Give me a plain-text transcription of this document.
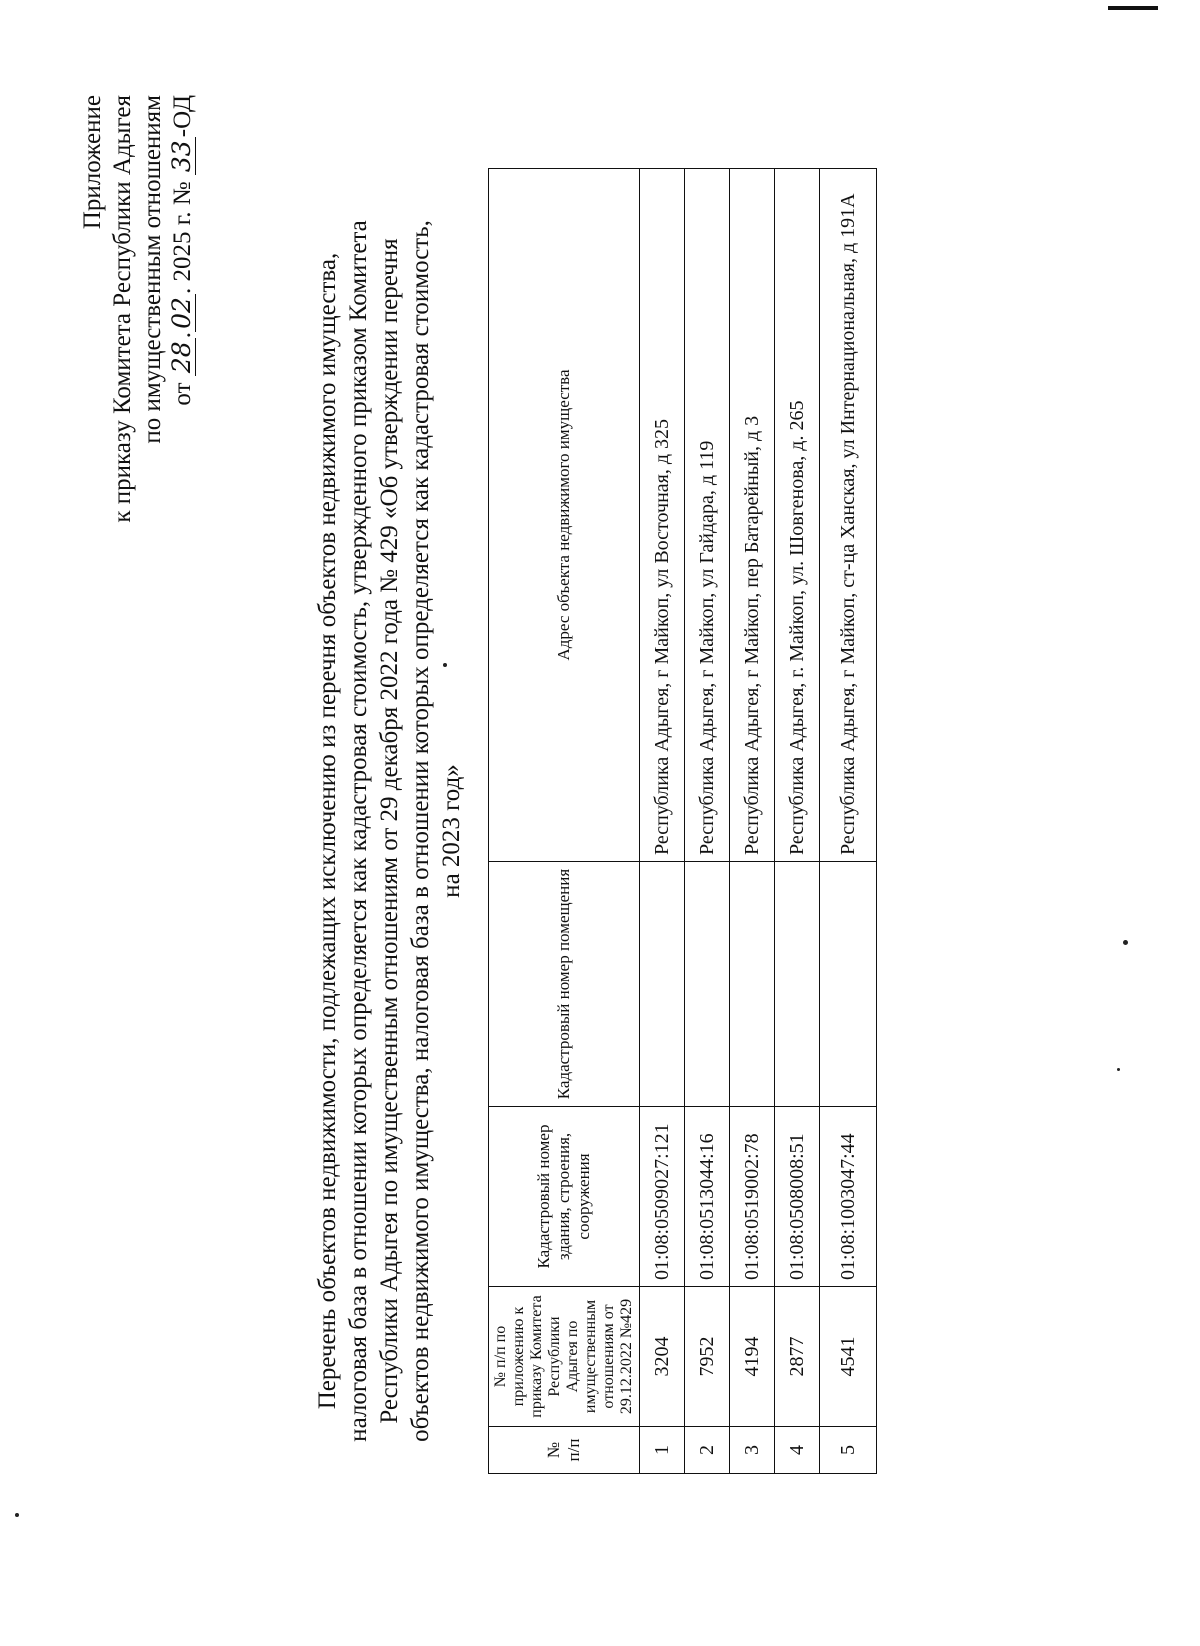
Приложение к приказу Комитета Республики Адыгея по имущественным отношениям от 28.02. 2025 г. № 33-ОД
Перечень объектов недвижимости, подлежащих исключению из перечня объектов недвижимого имущества, налоговая база в отношении которых определяется как кадастровая стоимость, утвержденного приказом Комитета Республики Адыгея по имущественным отношениям от 29 декабря 2022 года № 429 «Об утверждении перечня объектов недвижимого имущества, налоговая база в отношении которых определяется как кадастровая стоимость, на 2023 год»
№ п/п	№ п/п по приложению к приказу Комитета Республики Адыгея по имущественным отношениям от 29.12.2022 №429	Кадастровый номер здания, строения, сооружения	Кадастровый номер помещения	Адрес объекта недвижимого имущества
1	3204	01:08:0509027:121		Республика Адыгея, г Майкоп, ул Восточная, д 325
2	7952	01:08:0513044:16		Республика Адыгея, г Майкоп, ул Гайдара, д 119
3	4194	01:08:0519002:78		Республика Адыгея, г Майкоп, пер Батарейный, д 3
4	2877	01:08:0508008:51		Республика Адыгея, г. Майкоп, ул. Шовгенова, д. 265
5	4541	01:08:1003047:44		Республика Адыгея, г Майкоп, ст-ца Ханская, ул Интернациональная, д 191А
